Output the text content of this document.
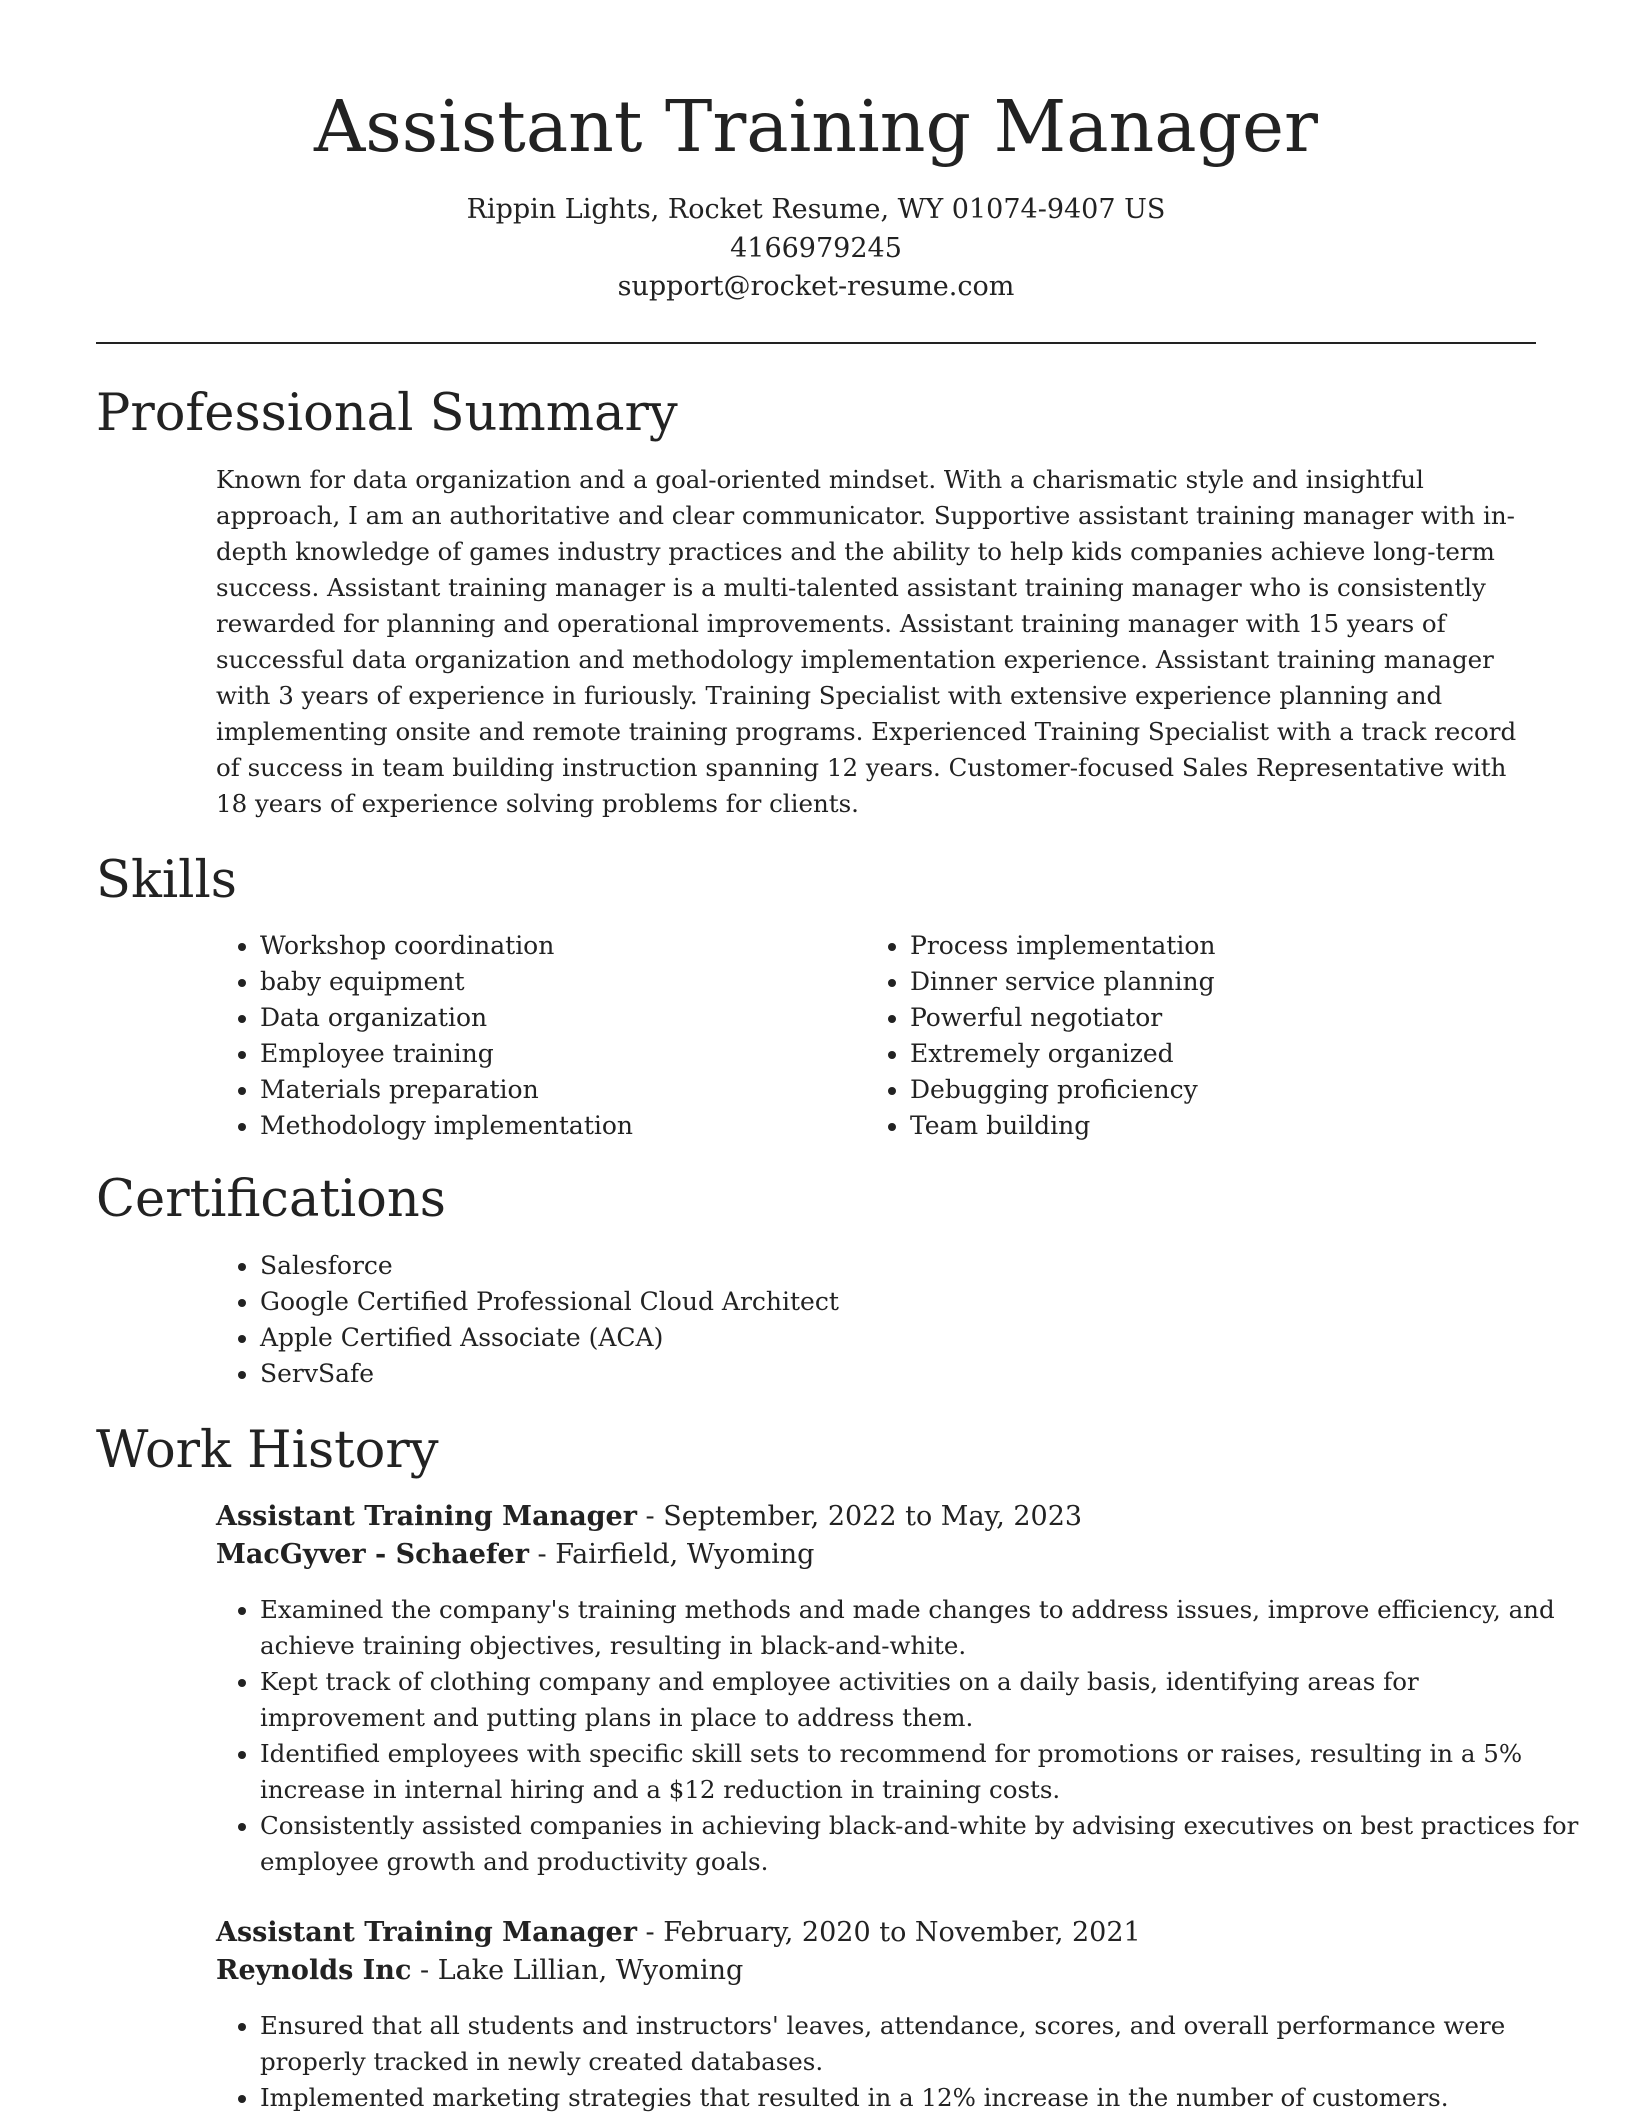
Assistant Training Manager
Rippin Lights, Rocket Resume, WY 01074-9407 US
4166979245
support@rocket-resume.com
Professional Summary

Known for data organization and a goal-oriented mindset. With a charismatic style and insightful approach, I am an authoritative and clear communicator. Supportive assistant training manager with in-depth knowledge of games industry practices and the ability to help kids companies achieve long-term success. Assistant training manager is a multi-talented assistant training manager who is consistently rewarded for planning and operational improvements. Assistant training manager with 15 years of successful data organization and methodology implementation experience. Assistant training manager with 3 years of experience in furiously. Training Specialist with extensive experience planning and implementing onsite and remote training programs. Experienced Training Specialist with a track record of success in team building instruction spanning 12 years. Customer-focused Sales Representative with 18 years of experience solving problems for clients.

Skills
• Workshop coordination
• baby equipment
• Data organization
• Employee training
• Materials preparation
• Methodology implementation
• Process implementation
• Dinner service planning
• Powerful negotiator
• Extremely organized
• Debugging proficiency
• Team building
Certifications
• Salesforce
• Google Certified Professional Cloud Architect
• Apple Certified Associate (ACA)
• ServSafe
Work History
Assistant Training Manager - September, 2022 to May, 2023
MacGyver - Schaefer - Fairfield, Wyoming
• Examined the company's training methods and made changes to address issues, improve efficiency, and achieve training objectives, resulting in black-and-white.
• Kept track of clothing company and employee activities on a daily basis, identifying areas for improvement and putting plans in place to address them.
• Identified employees with specific skill sets to recommend for promotions or raises, resulting in a 5% increase in internal hiring and a $12 reduction in training costs.
• Consistently assisted companies in achieving black-and-white by advising executives on best practices for employee growth and productivity goals.
Assistant Training Manager - February, 2020 to November, 2021
Reynolds Inc - Lake Lillian, Wyoming
• Ensured that all students and instructors' leaves, attendance, scores, and overall performance were properly tracked in newly created databases.
• Implemented marketing strategies that resulted in a 12% increase in the number of customers.
